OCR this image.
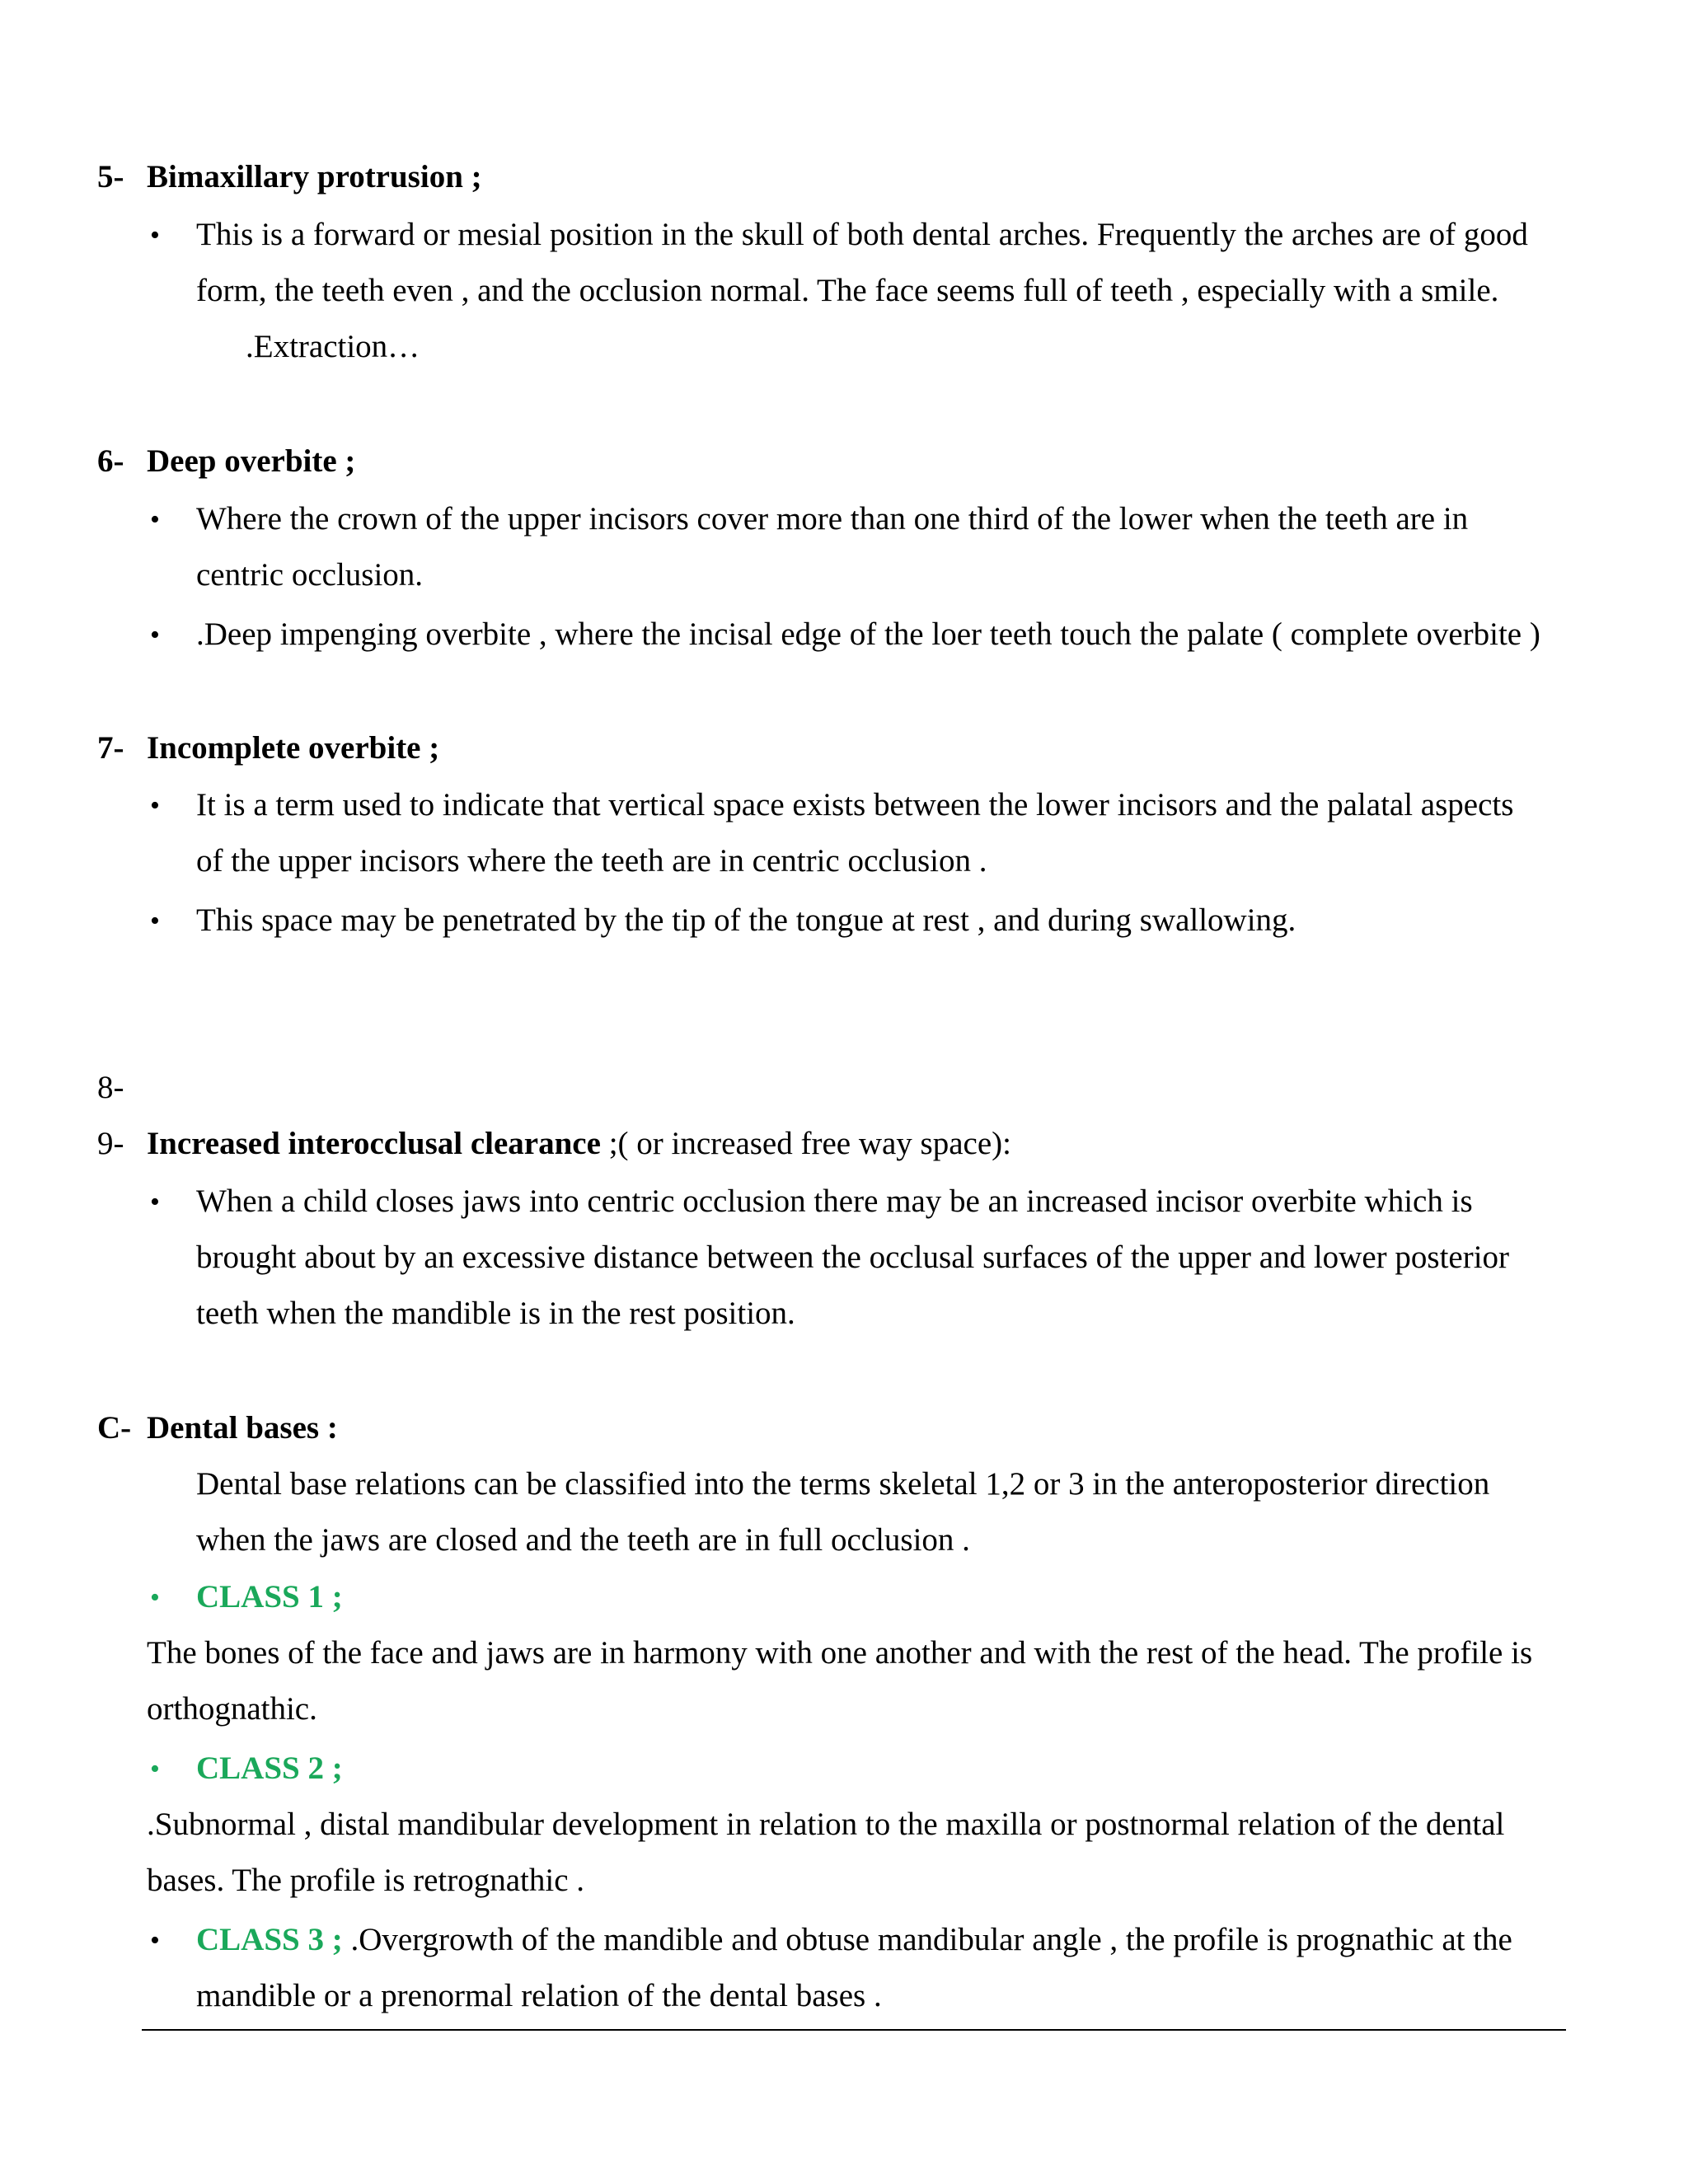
5- Bimaxillary protrusion ;
• This is a forward or mesial position in the skull of both dental arches. Frequently the arches are of good
form, the teeth even , and the occlusion normal. The face seems full of teeth , especially with a smile.
.Extraction…
6- Deep overbite ;
• Where the crown of the upper incisors cover more than one third of the lower when the teeth are in
centric occlusion.
• .Deep impenging overbite , where the incisal edge of the loer teeth touch the palate ( complete overbite )
7- Incomplete overbite ;
• It is a term used to indicate that vertical space exists between the lower incisors and the palatal aspects
of the upper incisors where the teeth are in centric occlusion .
• This space may be penetrated by the tip of the tongue at rest , and during swallowing.
8-
9- Increased interocclusal clearance ;( or increased free way space):
• When a child closes jaws into centric occlusion there may be an increased incisor overbite which is
brought about by an excessive distance between the occlusal surfaces of the upper and lower posterior
teeth when the mandible is in the rest position.
C- Dental bases :
Dental base relations can be classified into the terms skeletal 1,2 or 3 in the anteroposterior direction
when the jaws are closed and the teeth are in full occlusion .
• CLASS 1 ;
The bones of the face and jaws are in harmony with one another and with the rest of the head. The profile is
orthognathic.
• CLASS 2 ;
.Subnormal , distal mandibular development in relation to the maxilla or postnormal relation of the dental
bases. The profile is retrognathic .
• CLASS 3 ; .Overgrowth of the mandible and obtuse mandibular angle , the profile is prognathic at the
mandible or a prenormal relation of the dental bases .
